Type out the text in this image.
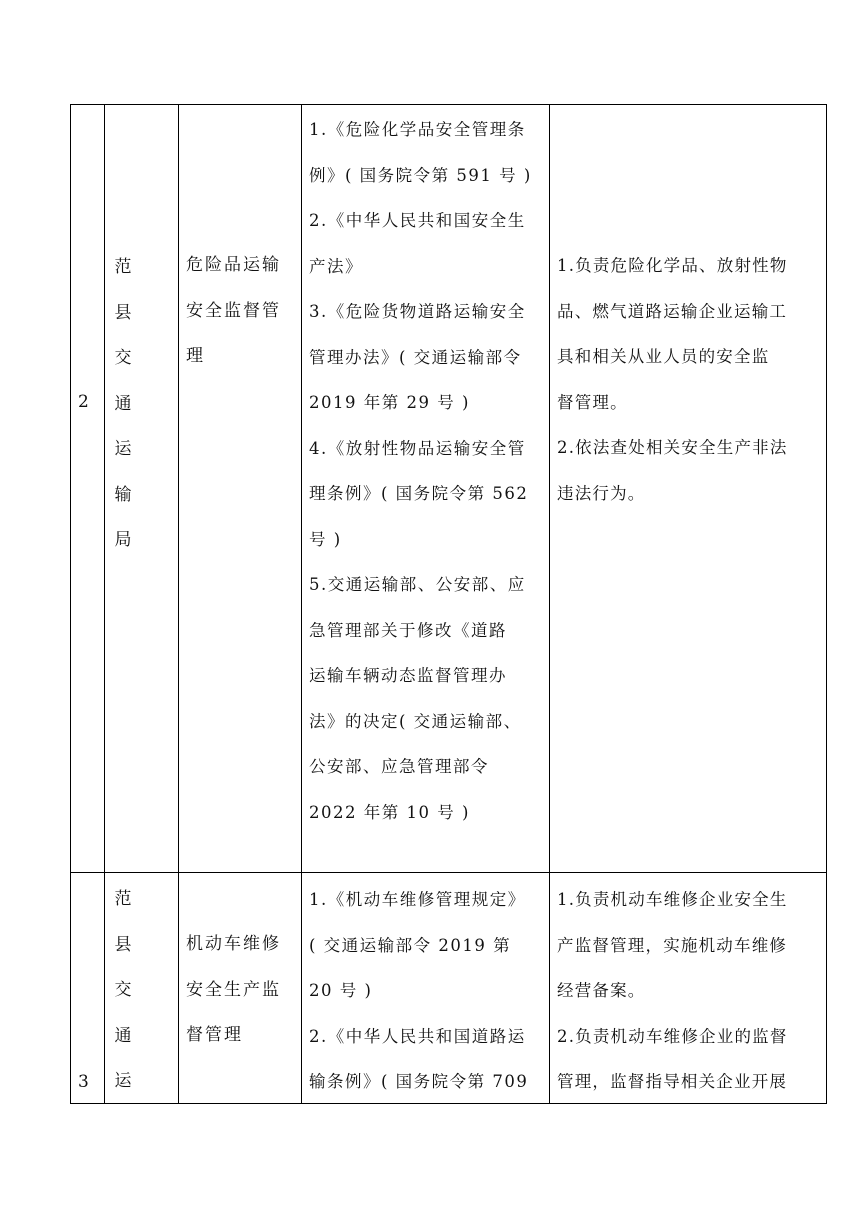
2
范
县
交
通
运
输
局
危险品运输
安全监督管
理
1.《危险化学品安全管理条
例》( 国务院令第 591 号 )
2.《中华人民共和国安全生
产法》
3.《危险货物道路运输安全
管理办法》( 交通运输部令
2019 年第 29 号 )
4.《放射性物品运输安全管
理条例》( 国务院令第 562
号 )
5.交通运输部、公安部、应
急管理部关于修改《道路
运输车辆动态监督管理办
法》的决定( 交通运输部、
公安部、应急管理部令
2022 年第 10 号 )
1.负责危险化学品、放射性物
品、燃气道路运输企业运输工
具和相关从业人员的安全监
督管理。
2.依法查处相关安全生产非法
违法行为。
3
范
县
交
通
运
机动车维修
安全生产监
督管理
1.《机动车维修管理规定》
( 交通运输部令 2019 第
20 号 )
2.《中华人民共和国道路运
输条例》( 国务院令第 709
1.负责机动车维修企业安全生
产监督管理，实施机动车维修
经营备案。
2.负责机动车维修企业的监督
管理，监督指导相关企业开展
